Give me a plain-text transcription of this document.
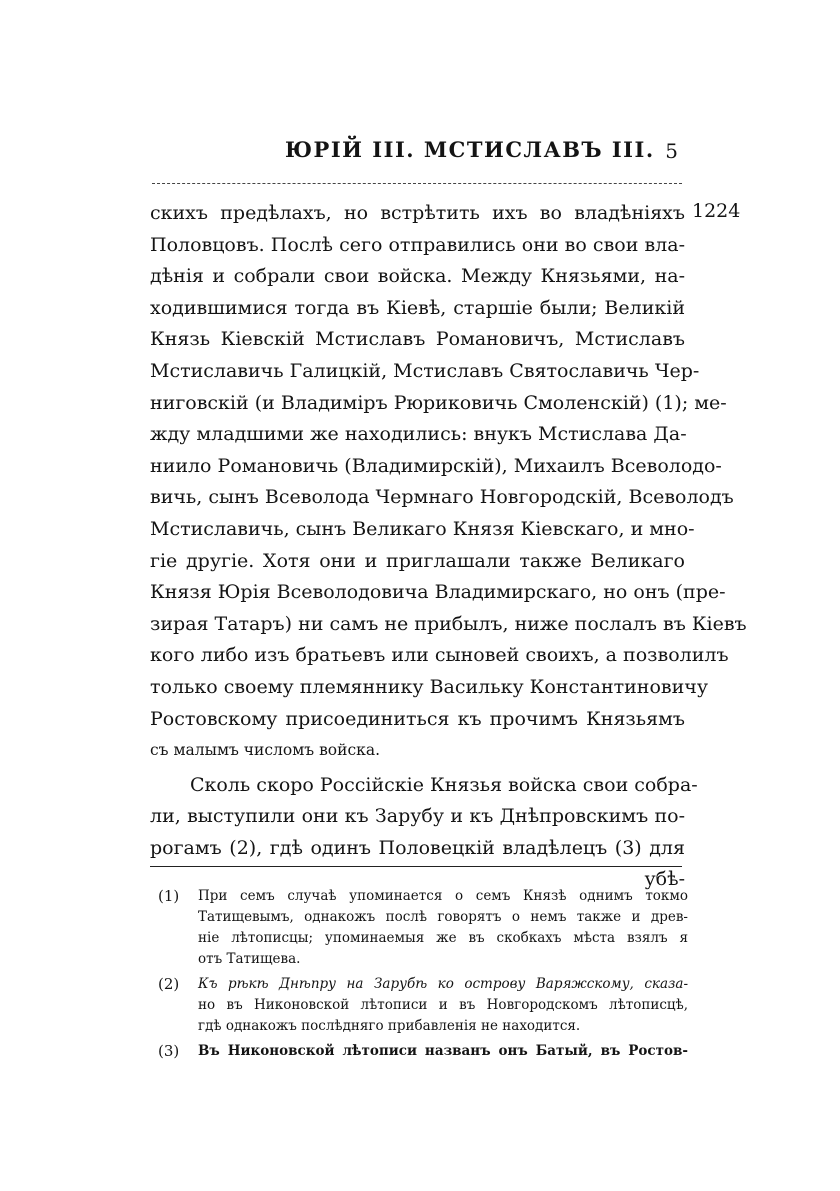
ЮРІЙ III. МСТИСЛАВЪ III. 5
1224
скихъ предѣлахъ, но встрѣтить ихъ во владѣніяхъ
Половцовъ. Послѣ сего отправились они во свои вла-
дѣнія и собрали свои войска. Между Князьями, на-
ходившимися тогда въ Кіевѣ, старшіе были; Великій
Князь Кіевскій Мстиславъ Романовичъ, Мстиславъ
Мстиславичь Галицкій, Мстиславъ Святославичь Чер-
ниговскій (и Владиміръ Рюриковичь Смоленскій) (1); ме-
жду младшими же находились: внукъ Мстислава Да-
ниило Романовичь (Владимирскій), Михаилъ Всеволодо-
вичь, сынъ Всеволода Чермнаго Новгородскій, Всеволодъ
Мстиславичь, сынъ Великаго Князя Кіевскаго, и мно-
гіе другіе. Хотя они и приглашали также Великаго
Князя Юрія Всеволодовича Владимирскаго, но онъ (пре-
зирая Татаръ) ни самъ не прибылъ, ниже послалъ въ Кіевъ
кого либо изъ братьевъ или сыновей своихъ, а позволилъ
только своему племяннику Васильку Константиновичу
Ростовскому присоединиться къ прочимъ Князьямъ
съ малымъ числомъ войска.
Сколь скоро Россійскіе Князья войска свои собра-
ли, выступили они къ Зарубу и къ Днѣпровскимъ по-
рогамъ (2), гдѣ одинъ Половецкій владѣлецъ (3) для
убѣ-
(1) При семъ случаѣ упоминается о семъ Князѣ однимъ токмо
Татищевымъ, однакожъ послѣ говорятъ о немъ также и древ-
ніе лѣтописцы; упоминаемыя же въ скобкахъ мѣста взялъ я
отъ Татищева.
(2) Къ рѣкѣ Днѣпру на Зарубѣ ко острову Варяжскому, сказа-
но въ Никоновской лѣтописи и въ Новгородскомъ лѣтописцѣ,
гдѣ однакожъ послѣдняго прибавленія не находится.
(3) Въ Никоновской лѣтописи названъ онъ Батый, въ Ростов-
